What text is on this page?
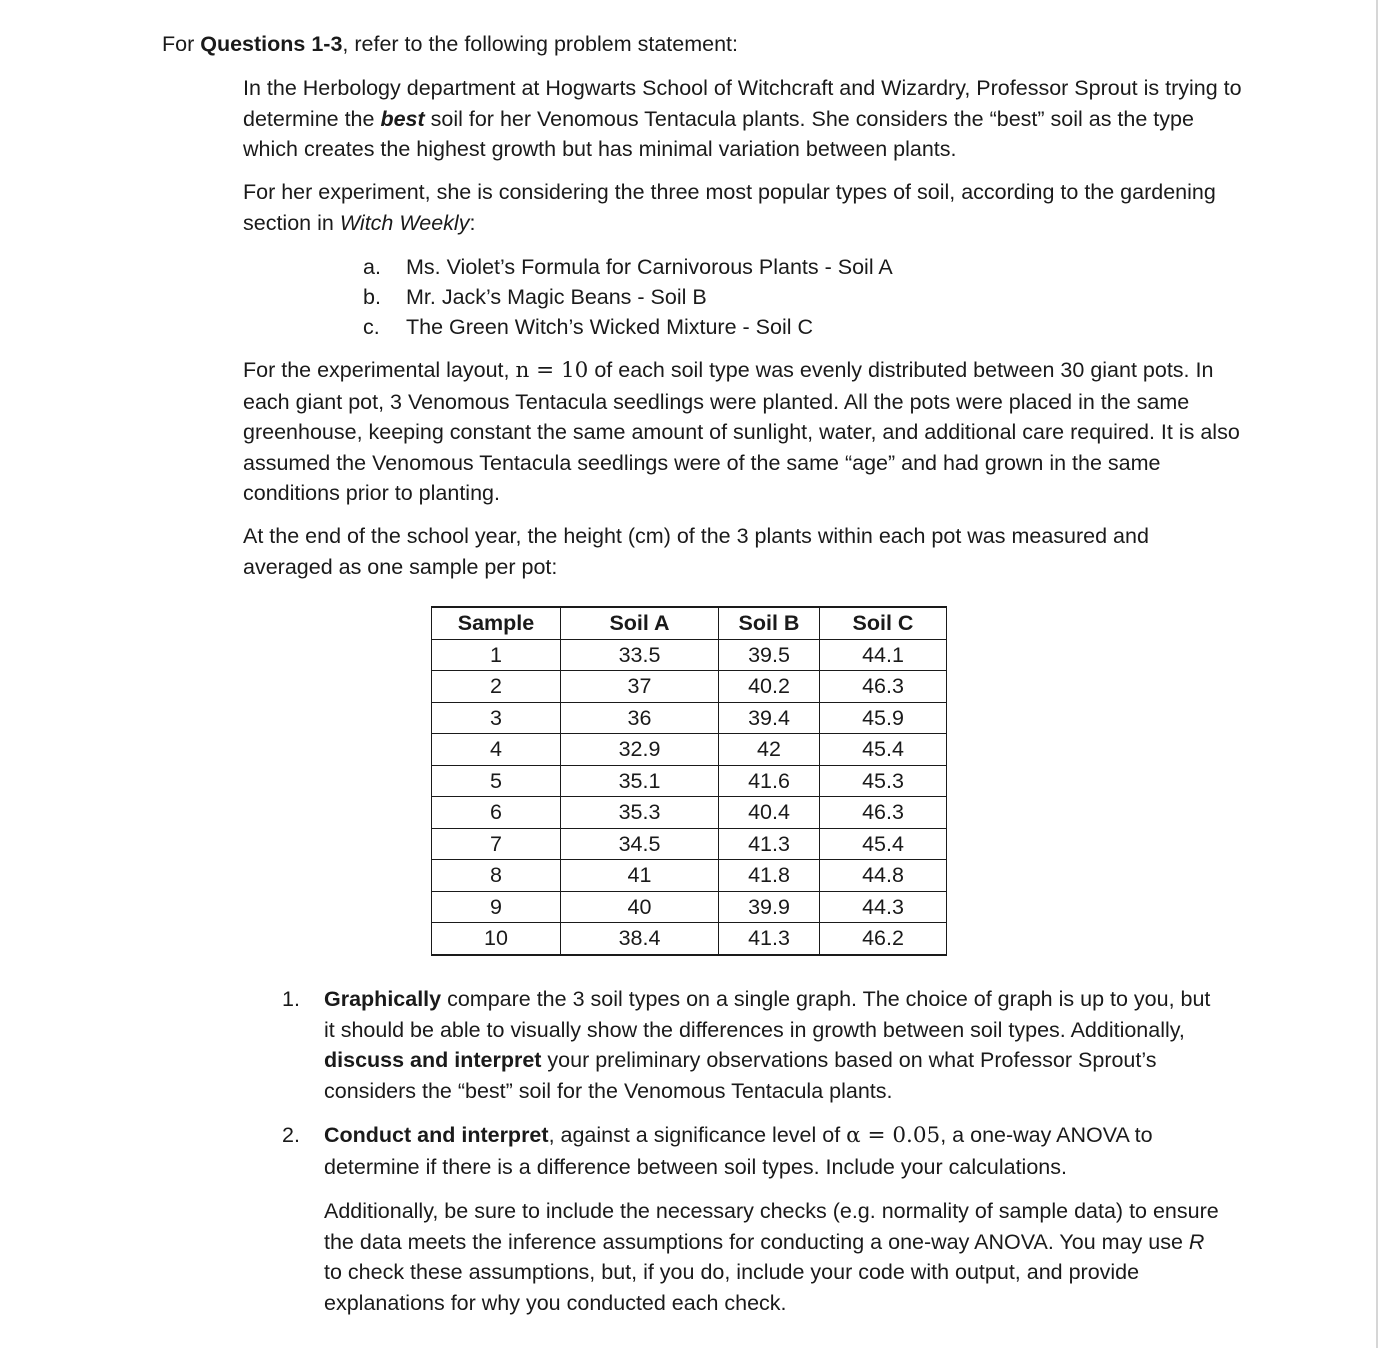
For Questions 1-3, refer to the following problem statement:

In the Herbology department at Hogwarts School of Witchcraft and Wizardry, Professor Sprout is trying to determine the best soil for her Venomous Tentacula plants. She considers the “best” soil as the type which creates the highest growth but has minimal variation between plants.

For her experiment, she is considering the three most popular types of soil, according to the gardening section in Witch Weekly:

a.	Ms. Violet’s Formula for Carnivorous Plants - Soil A
b.	Mr. Jack’s Magic Beans - Soil B
c.	The Green Witch’s Wicked Mixture - Soil C

For the experimental layout, n = 10 of each soil type was evenly distributed between 30 giant pots. In each giant pot, 3 Venomous Tentacula seedlings were planted. All the pots were placed in the same greenhouse, keeping constant the same amount of sunlight, water, and additional care required. It is also assumed the Venomous Tentacula seedlings were of the same “age” and had grown in the same conditions prior to planting.

At the end of the school year, the height (cm) of the 3 plants within each pot was measured and averaged as one sample per pot:

Sample	Soil A	Soil B	Soil C
1	33.5	39.5	44.1
2	37	40.2	46.3
3	36	39.4	45.9
4	32.9	42	45.4
5	35.1	41.6	45.3
6	35.3	40.4	46.3
7	34.5	41.3	45.4
8	41	41.8	44.8
9	40	39.9	44.3
10	38.4	41.3	46.2
1.	Graphically compare the 3 soil types on a single graph. The choice of graph is up to you, but it should be able to visually show the differences in growth between soil types. Additionally, discuss and interpret your preliminary observations based on what Professor Sprout’s considers the “best” soil for the Venomous Tentacula plants.

2.	Conduct and interpret, against a significance level of α = 0.05, a one-way ANOVA to determine if there is a difference between soil types. Include your calculations.

Additionally, be sure to include the necessary checks (e.g. normality of sample data) to ensure the data meets the inference assumptions for conducting a one-way ANOVA. You may use R to check these assumptions, but, if you do, include your code with output, and provide explanations for why you conducted each check.
